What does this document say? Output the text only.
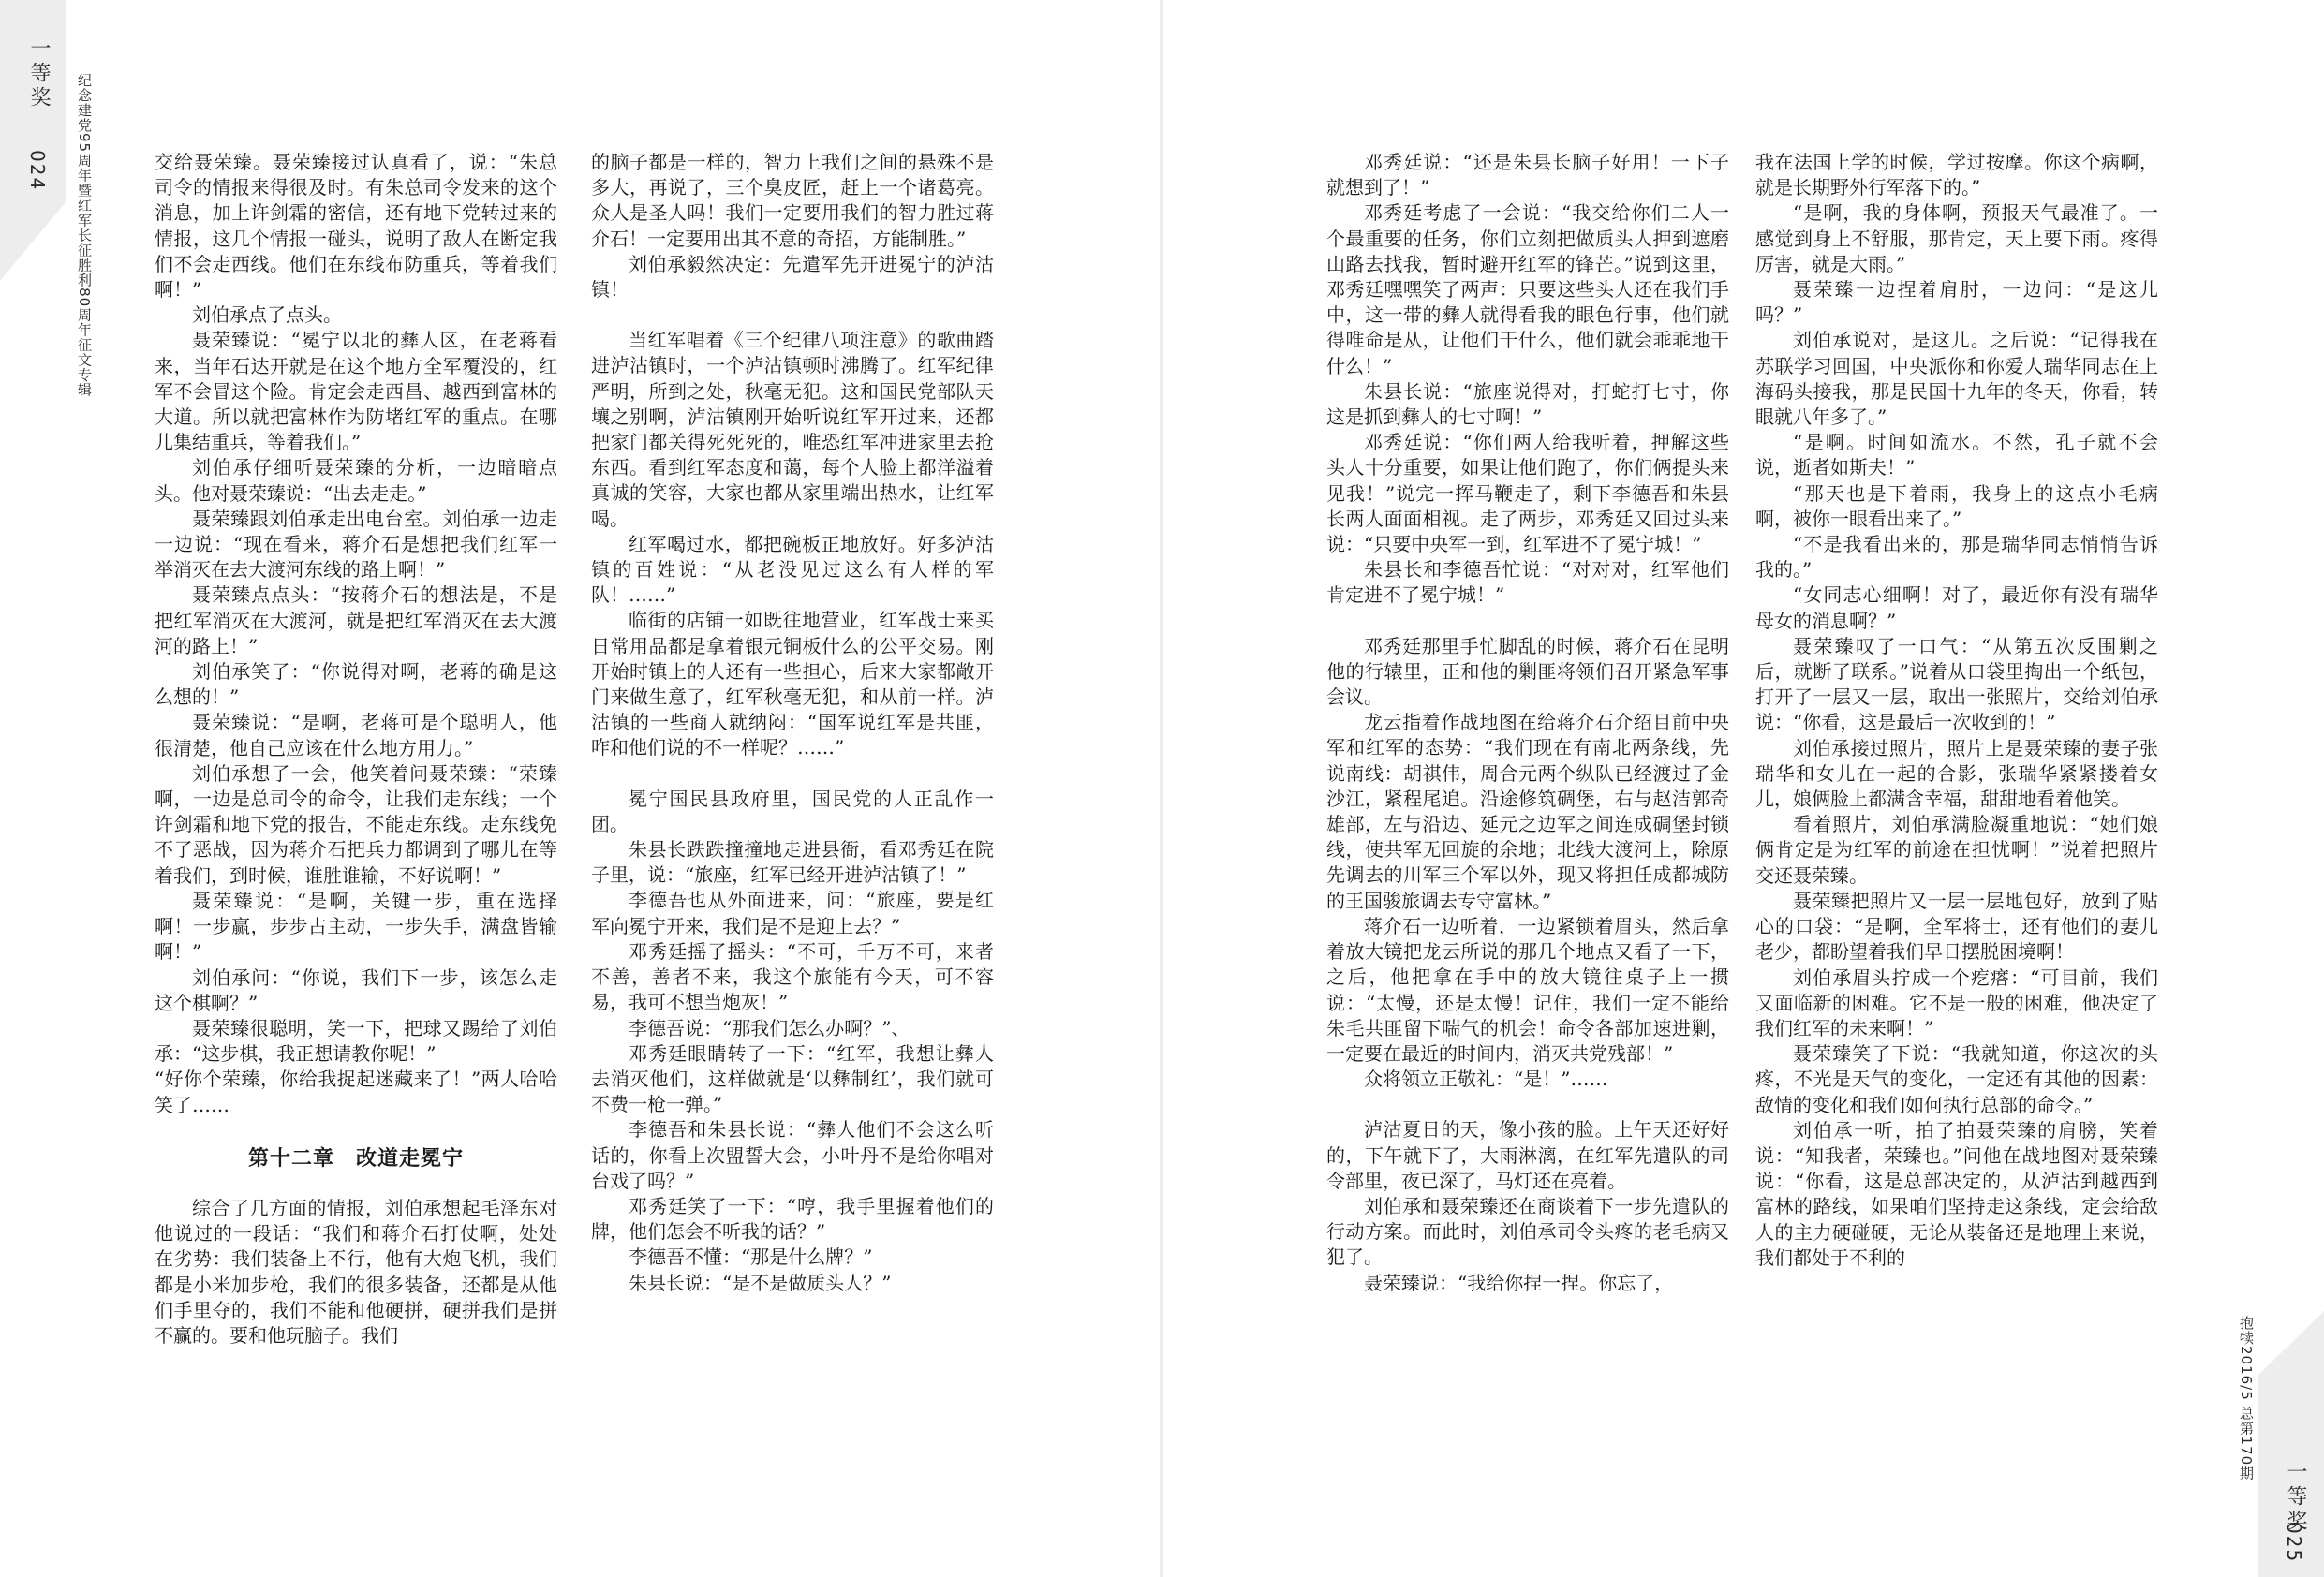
一等奖
024 纪念建党95周年暨红军长征胜利80周年征文专辑	交给聂荣臻。聂荣臻接过认真看了，说：“朱总司令的情报来得很及时。有朱总司令发来的这个消息，加上许剑霜的密信，还有地下党转过来的情报，这几个情报一碰头，说明了敌人在断定我们不会走西线。他们在东线布防重兵，等着我们啊！”

刘伯承点了点头。

聂荣臻说：“冕宁以北的彝人区，在老蒋看来，当年石达开就是在这个地方全军覆没的，红军不会冒这个险。肯定会走西昌、越西到富林的大道。所以就把富林作为防堵红军的重点。在哪儿集结重兵，等着我们。”

刘伯承仔细听聂荣臻的分析，一边暗暗点头。他对聂荣臻说：“出去走走。”

聂荣臻跟刘伯承走出电台室。刘伯承一边走一边说：“现在看来，蒋介石是想把我们红军一举消灭在去大渡河东线的路上啊！”

聂荣臻点点头：“按蒋介石的想法是，不是把红军消灭在大渡河，就是把红军消灭在去大渡河的路上！”

刘伯承笑了：“你说得对啊，老蒋的确是这么想的！”

聂荣臻说：“是啊，老蒋可是个聪明人，他很清楚，他自己应该在什么地方用力。”

刘伯承想了一会，他笑着问聂荣臻：“荣臻啊，一边是总司令的命令，让我们走东线；一个许剑霜和地下党的报告，不能走东线。走东线免不了恶战，因为蒋介石把兵力都调到了哪儿在等着我们，到时候，谁胜谁输，不好说啊！”

聂荣臻说：“是啊，关键一步，重在选择啊！一步赢，步步占主动，一步失手，满盘皆输啊！”

刘伯承问：“你说，我们下一步，该怎么走这个棋啊？”

聂荣臻很聪明，笑一下，把球又踢给了刘伯承：“这步棋，我正想请教你呢！”

“好你个荣臻，你给我捉起迷藏来了！”两人哈哈笑了……

第十二章　改道走冕宁

综合了几方面的情报，刘伯承想起毛泽东对他说过的一段话：“我们和蒋介石打仗啊，处处在劣势：我们装备上不行，他有大炮飞机，我们都是小米加步枪，我们的很多装备，还都是从他们手里夺的，我们不能和他硬拼，硬拼我们是拼不赢的。要和他玩脑子。我们

的脑子都是一样的，智力上我们之间的悬殊不是多大，再说了，三个臭皮匠，赶上一个诸葛亮。众人是圣人吗！我们一定要用我们的智力胜过蒋介石！一定要用出其不意的奇招，方能制胜。”

刘伯承毅然决定：先遣军先开进冕宁的泸沽镇！

当红军唱着《三个纪律八项注意》的歌曲踏进泸沽镇时，一个泸沽镇顿时沸腾了。红军纪律严明，所到之处，秋毫无犯。这和国民党部队天壤之别啊，泸沽镇刚开始听说红军开过来，还都把家门都关得死死死的，唯恐红军冲进家里去抢东西。看到红军态度和蔼，每个人脸上都洋溢着真诚的笑容，大家也都从家里端出热水，让红军喝。

红军喝过水，都把碗板正地放好。好多泸沽镇的百姓说：“从老没见过这么有人样的军队！……”

临街的店铺一如既往地营业，红军战士来买日常用品都是拿着银元铜板什么的公平交易。刚开始时镇上的人还有一些担心，后来大家都敞开门来做生意了，红军秋毫无犯，和从前一样。泸沽镇的一些商人就纳闷：“国军说红军是共匪，咋和他们说的不一样呢？……”

冕宁国民县政府里，国民党的人正乱作一团。

朱县长跌跌撞撞地走进县衙，看邓秀廷在院子里，说：“旅座，红军已经开进泸沽镇了！”

李德吾也从外面进来，问：“旅座，要是红军向冕宁开来，我们是不是迎上去？”

邓秀廷摇了摇头：“不可，千万不可，来者不善，善者不来，我这个旅能有今天，可不容易，我可不想当炮灰！”

李德吾说：“那我们怎么办啊？”、

邓秀廷眼睛转了一下：“红军，我想让彝人去消灭他们，这样做就是‘以彝制红’，我们就可不费一枪一弹。”

李德吾和朱县长说：“彝人他们不会这么听话的，你看上次盟誓大会，小叶丹不是给你唱对台戏了吗？”

邓秀廷笑了一下：“哼，我手里握着他们的牌，他们怎会不听我的话？”

李德吾不懂：“那是什么牌？”

朱县长说：“是不是做质头人？”

一等奖
025
抱犊2016/5 总第170期

邓秀廷说：“还是朱县长脑子好用！一下子就想到了！”

邓秀廷考虑了一会说：“我交给你们二人一个最重要的任务，你们立刻把做质头人押到遮磨山路去找我，暂时避开红军的锋芒。”说到这里，邓秀廷嘿嘿笑了两声：只要这些头人还在我们手中，这一带的彝人就得看我的眼色行事，他们就得唯命是从，让他们干什么，他们就会乖乖地干什么！”

朱县长说：“旅座说得对，打蛇打七寸，你这是抓到彝人的七寸啊！”

邓秀廷说：“你们两人给我听着，押解这些头人十分重要，如果让他们跑了，你们俩提头来见我！”说完一挥马鞭走了，剩下李德吾和朱县长两人面面相视。走了两步，邓秀廷又回过头来说：“只要中央军一到，红军进不了冕宁城！”

朱县长和李德吾忙说：“对对对，红军他们肯定进不了冕宁城！”

邓秀廷那里手忙脚乱的时候，蒋介石在昆明他的行辕里，正和他的剿匪将领们召开紧急军事会议。

龙云指着作战地图在给蒋介石介绍目前中央军和红军的态势：“我们现在有南北两条线，先说南线：胡祺伟，周合元两个纵队已经渡过了金沙江，紧程尾追。沿途修筑碉堡，右与赵洁郭奇雄部，左与沿边、延元之边军之间连成碉堡封锁线，使共军无回旋的余地；北线大渡河上，除原先调去的川军三个军以外，现又将担任成都城防的王国骏旅调去专守富林。”

蒋介石一边听着，一边紧锁着眉头，然后拿着放大镜把龙云所说的那几个地点又看了一下，之后，他把拿在手中的放大镜往桌子上一掼说：“太慢，还是太慢！记住，我们一定不能给朱毛共匪留下喘气的机会！命令各部加速进剿，一定要在最近的时间内，消灭共党残部！”

众将领立正敬礼：“是！”……

泸沽夏日的天，像小孩的脸。上午天还好好的，下午就下了，大雨淋漓，在红军先遣队的司令部里，夜已深了，马灯还在亮着。

刘伯承和聂荣臻还在商谈着下一步先遣队的行动方案。而此时，刘伯承司令头疼的老毛病又犯了。

聂荣臻说：“我给你捏一捏。你忘了，

我在法国上学的时候，学过按摩。你这个病啊，就是长期野外行军落下的。”

“是啊，我的身体啊，预报天气最准了。一感觉到身上不舒服，那肯定，天上要下雨。疼得厉害，就是大雨。”

聂荣臻一边捏着肩肘，一边问：“是这儿吗？”

刘伯承说对，是这儿。之后说：“记得我在苏联学习回国，中央派你和你爱人瑞华同志在上海码头接我，那是民国十九年的冬天，你看，转眼就八年多了。”

“是啊。时间如流水。不然，孔子就不会说，逝者如斯夫！”

“那天也是下着雨，我身上的这点小毛病啊，被你一眼看出来了。”

“不是我看出来的，那是瑞华同志悄悄告诉我的。”

“女同志心细啊！对了，最近你有没有瑞华母女的消息啊？”

聂荣臻叹了一口气：“从第五次反围剿之后，就断了联系。”说着从口袋里掏出一个纸包，打开了一层又一层，取出一张照片，交给刘伯承说：“你看，这是最后一次收到的！”

刘伯承接过照片，照片上是聂荣臻的妻子张瑞华和女儿在一起的合影，张瑞华紧紧搂着女儿，娘俩脸上都满含幸福，甜甜地看着他笑。

看着照片，刘伯承满脸凝重地说：“她们娘俩肯定是为红军的前途在担忧啊！”说着把照片交还聂荣臻。

聂荣臻把照片又一层一层地包好，放到了贴心的口袋：“是啊，全军将士，还有他们的妻儿老少，都盼望着我们早日摆脱困境啊！

刘伯承眉头拧成一个疙瘩：“可目前，我们又面临新的困难。它不是一般的困难，他决定了我们红军的未来啊！”

聂荣臻笑了下说：“我就知道，你这次的头疼，不光是天气的变化，一定还有其他的因素：敌情的变化和我们如何执行总部的命令。”

刘伯承一听，拍了拍聂荣臻的肩膀，笑着说：“知我者，荣臻也。”问他在战地图对聂荣臻说：“你看，这是总部决定的，从泸沽到越西到富林的路线，如果咱们坚持走这条线，定会给敌人的主力硬碰硬，无论从装备还是地理上来说，我们都处于不利的
